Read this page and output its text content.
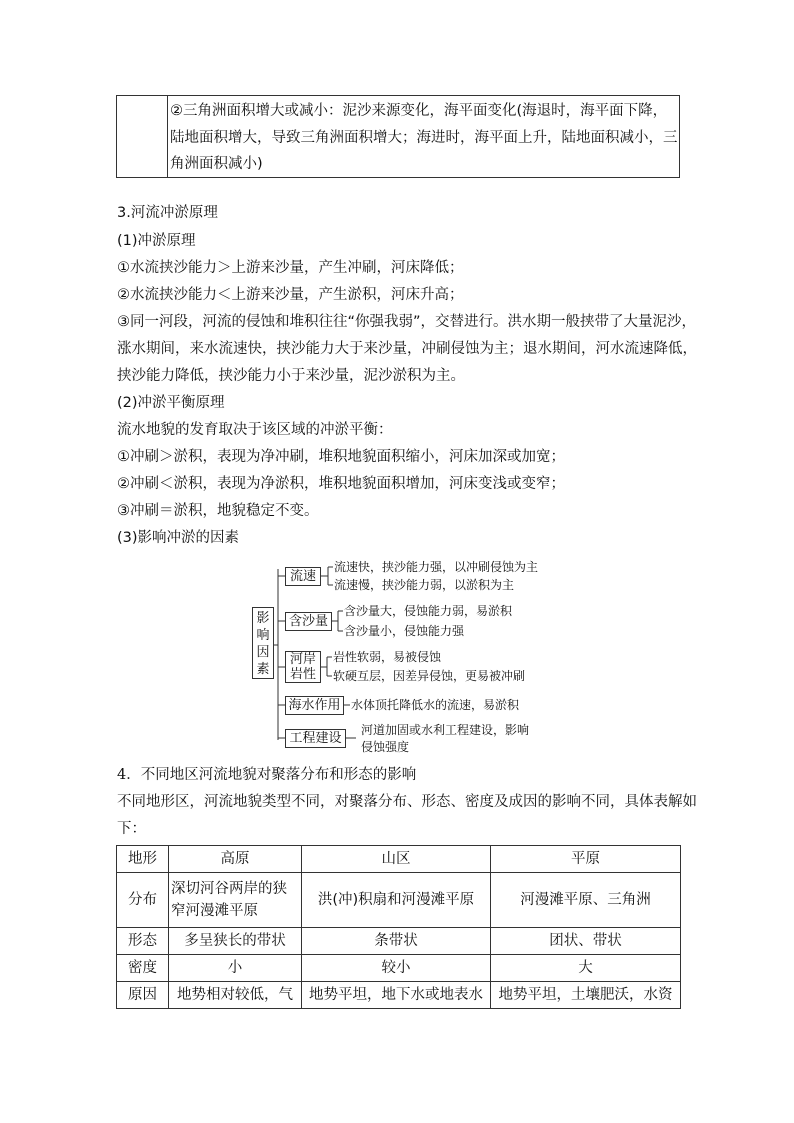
②三角洲面积增大或减小：泥沙来源变化，海平面变化(海退时，海平面下降，陆地面积增大，导致三角洲面积增大；海进时，海平面上升，陆地面积减小，三角洲面积减小)
3.河流冲淤原理
(1)冲淤原理
①水流挟沙能力＞上游来沙量，产生冲刷，河床降低；
②水流挟沙能力＜上游来沙量，产生淤积，河床升高；
③同一河段，河流的侵蚀和堆积往往“你强我弱”，交替进行。洪水期一般挟带了大量泥沙，
涨水期间，来水流速快，挟沙能力大于来沙量，冲刷侵蚀为主；退水期间，河水流速降低，
挟沙能力降低，挟沙能力小于来沙量，泥沙淤积为主。
(2)冲淤平衡原理
流水地貌的发育取决于该区域的冲淤平衡：
①冲刷＞淤积，表现为净冲刷，堆积地貌面积缩小，河床加深或加宽；
②冲刷＜淤积，表现为净淤积，堆积地貌面积增加，河床变浅或变窄；
③冲刷＝淤积，地貌稳定不变。
(3)影响冲淤的因素
影响因素
流速
含沙量
河岸岩性
海水作用
工程建设
流速快，挟沙能力强，以冲刷侵蚀为主
流速慢，挟沙能力弱，以淤积为主
含沙量大，侵蚀能力弱，易淤积
含沙量小，侵蚀能力强
岩性软弱，易被侵蚀
软硬互层，因差异侵蚀，更易被冲刷
水体顶托降低水的流速，易淤积
河道加固或水利工程建设，影响
侵蚀强度
4．不同地区河流地貌对聚落分布和形态的影响
不同地形区，河流地貌类型不同，对聚落分布、形态、密度及成因的影响不同，具体表解如
下：
地形	高原	山区	平原
分布	深切河谷两岸的狭窄河漫滩平原	洪(冲)积扇和河漫滩平原	河漫滩平原、三角洲
形态	多呈狭长的带状	条带状	团状、带状
密度	小	较小	大
原因	地势相对较低，气	地势平坦，地下水或地表水	地势平坦，土壤肥沃，水资
